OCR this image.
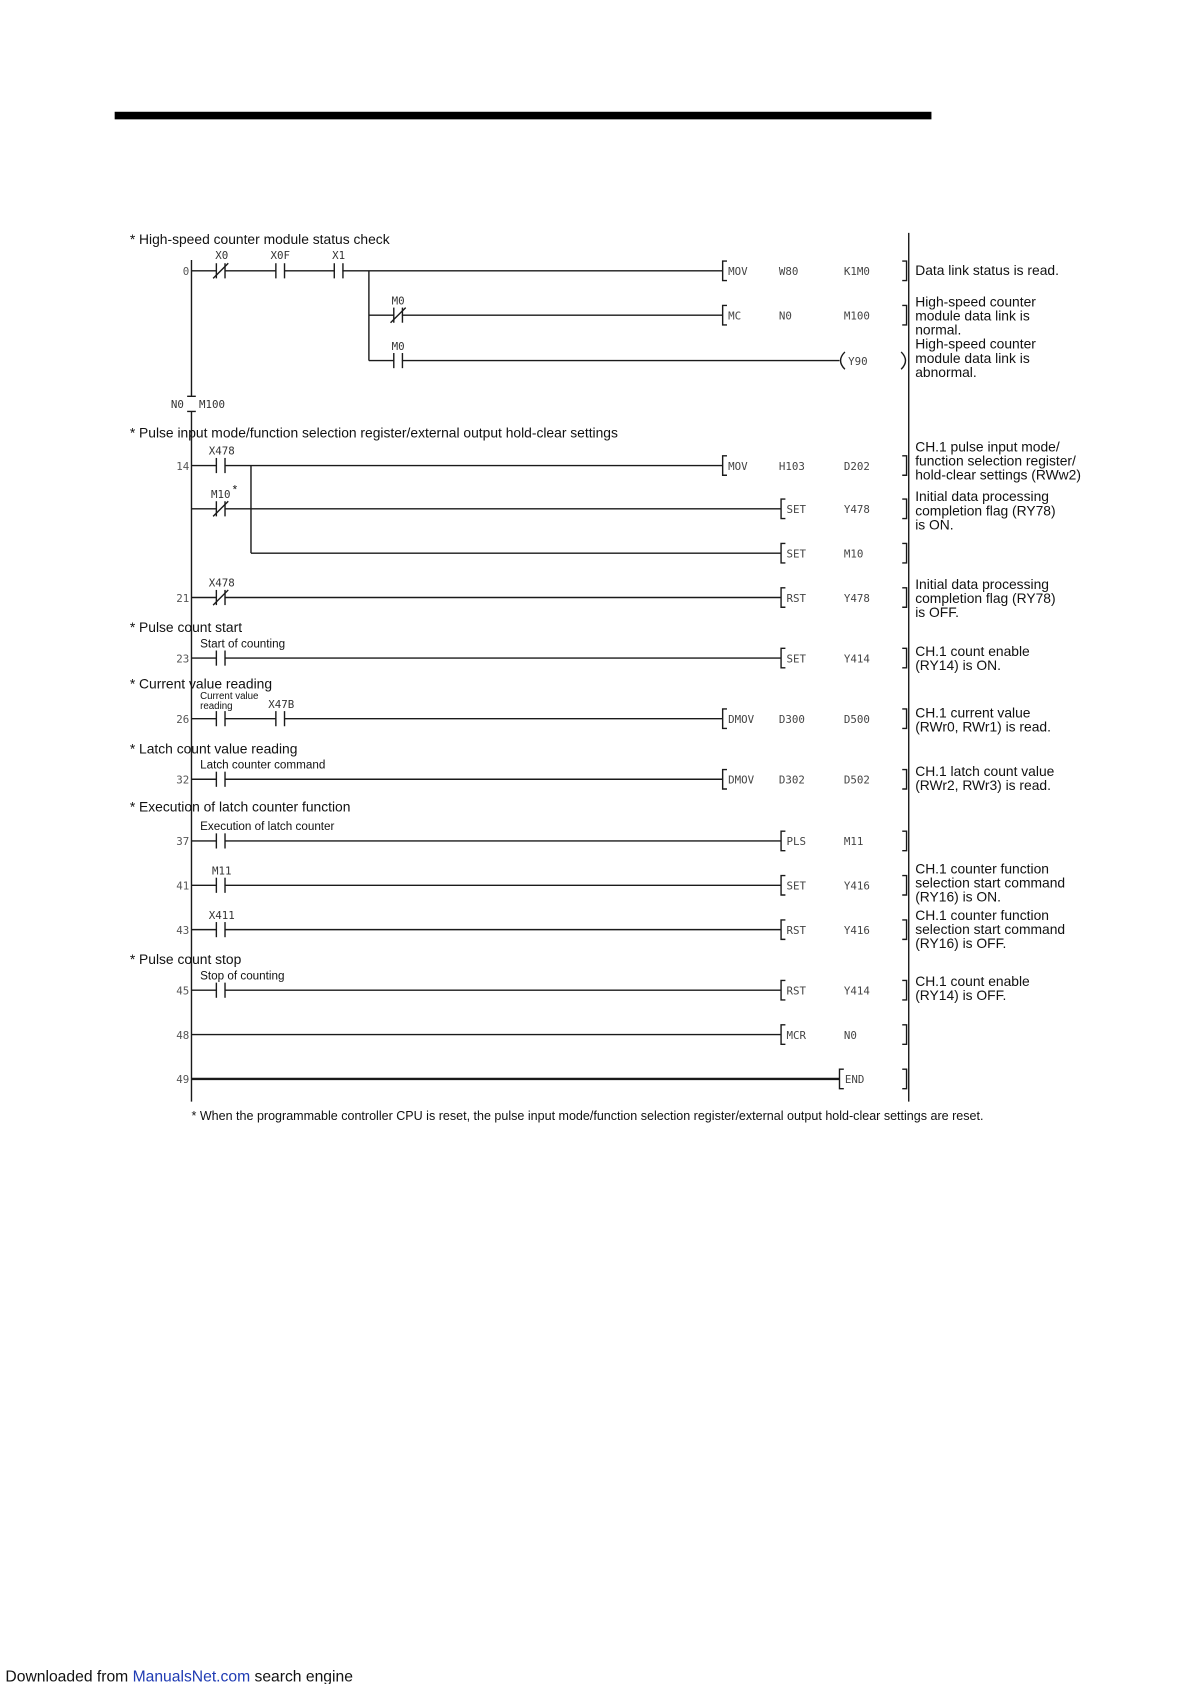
* High-speed counter module status check
* Pulse input mode/function selection register/external output hold-clear settings
* Pulse count start
* Current value reading
* Latch count value reading
* Execution of latch counter function
* Pulse count stop
0
14
21
23
26
32
37
41
43
45
48
49
X0	X0F	X1
MOV	W80	K1M0	Data link status is read.
M0
MC	N0	M100
High-speed counter
module data link is
normal.
M0
Y90
High-speed counter
module data link is
abnormal.
N0 M100
X478
MOV	H103	D202
CH.1 pulse input mode/
function selection register/
hold-clear settings (RWw2)
M10 *
SET	Y478
Initial data processing
completion flag (RY78)
is ON.
SET	M10
X478
RST	Y478
Initial data processing
completion flag (RY78)
is OFF.
Start of counting
SET	Y414	CH.1 count enable
(RY14) is ON.
Current value
reading	X47B
DMOV D300	D500	CH.1 current value
(RWr0, RWr1) is read.
Latch counter command
DMOV D302	D502
CH.1 latch count value
(RWr2, RWr3) is read.
Execution of latch counter
PLS	M11
M11
SET	Y416
CH.1 counter function
selection start command
(RY16) is ON.
X411
RST	Y416
CH.1 counter function
selection start command
(RY16) is OFF.
Stop of counting
RST	Y414
CH.1 count enable
(RY14) is OFF.
MCR	N0
END
* When the programmable controller CPU is reset, the pulse input mode/function selection register/external output hold-clear settings are reset.
Downloaded from ManualsNet.com search engine
